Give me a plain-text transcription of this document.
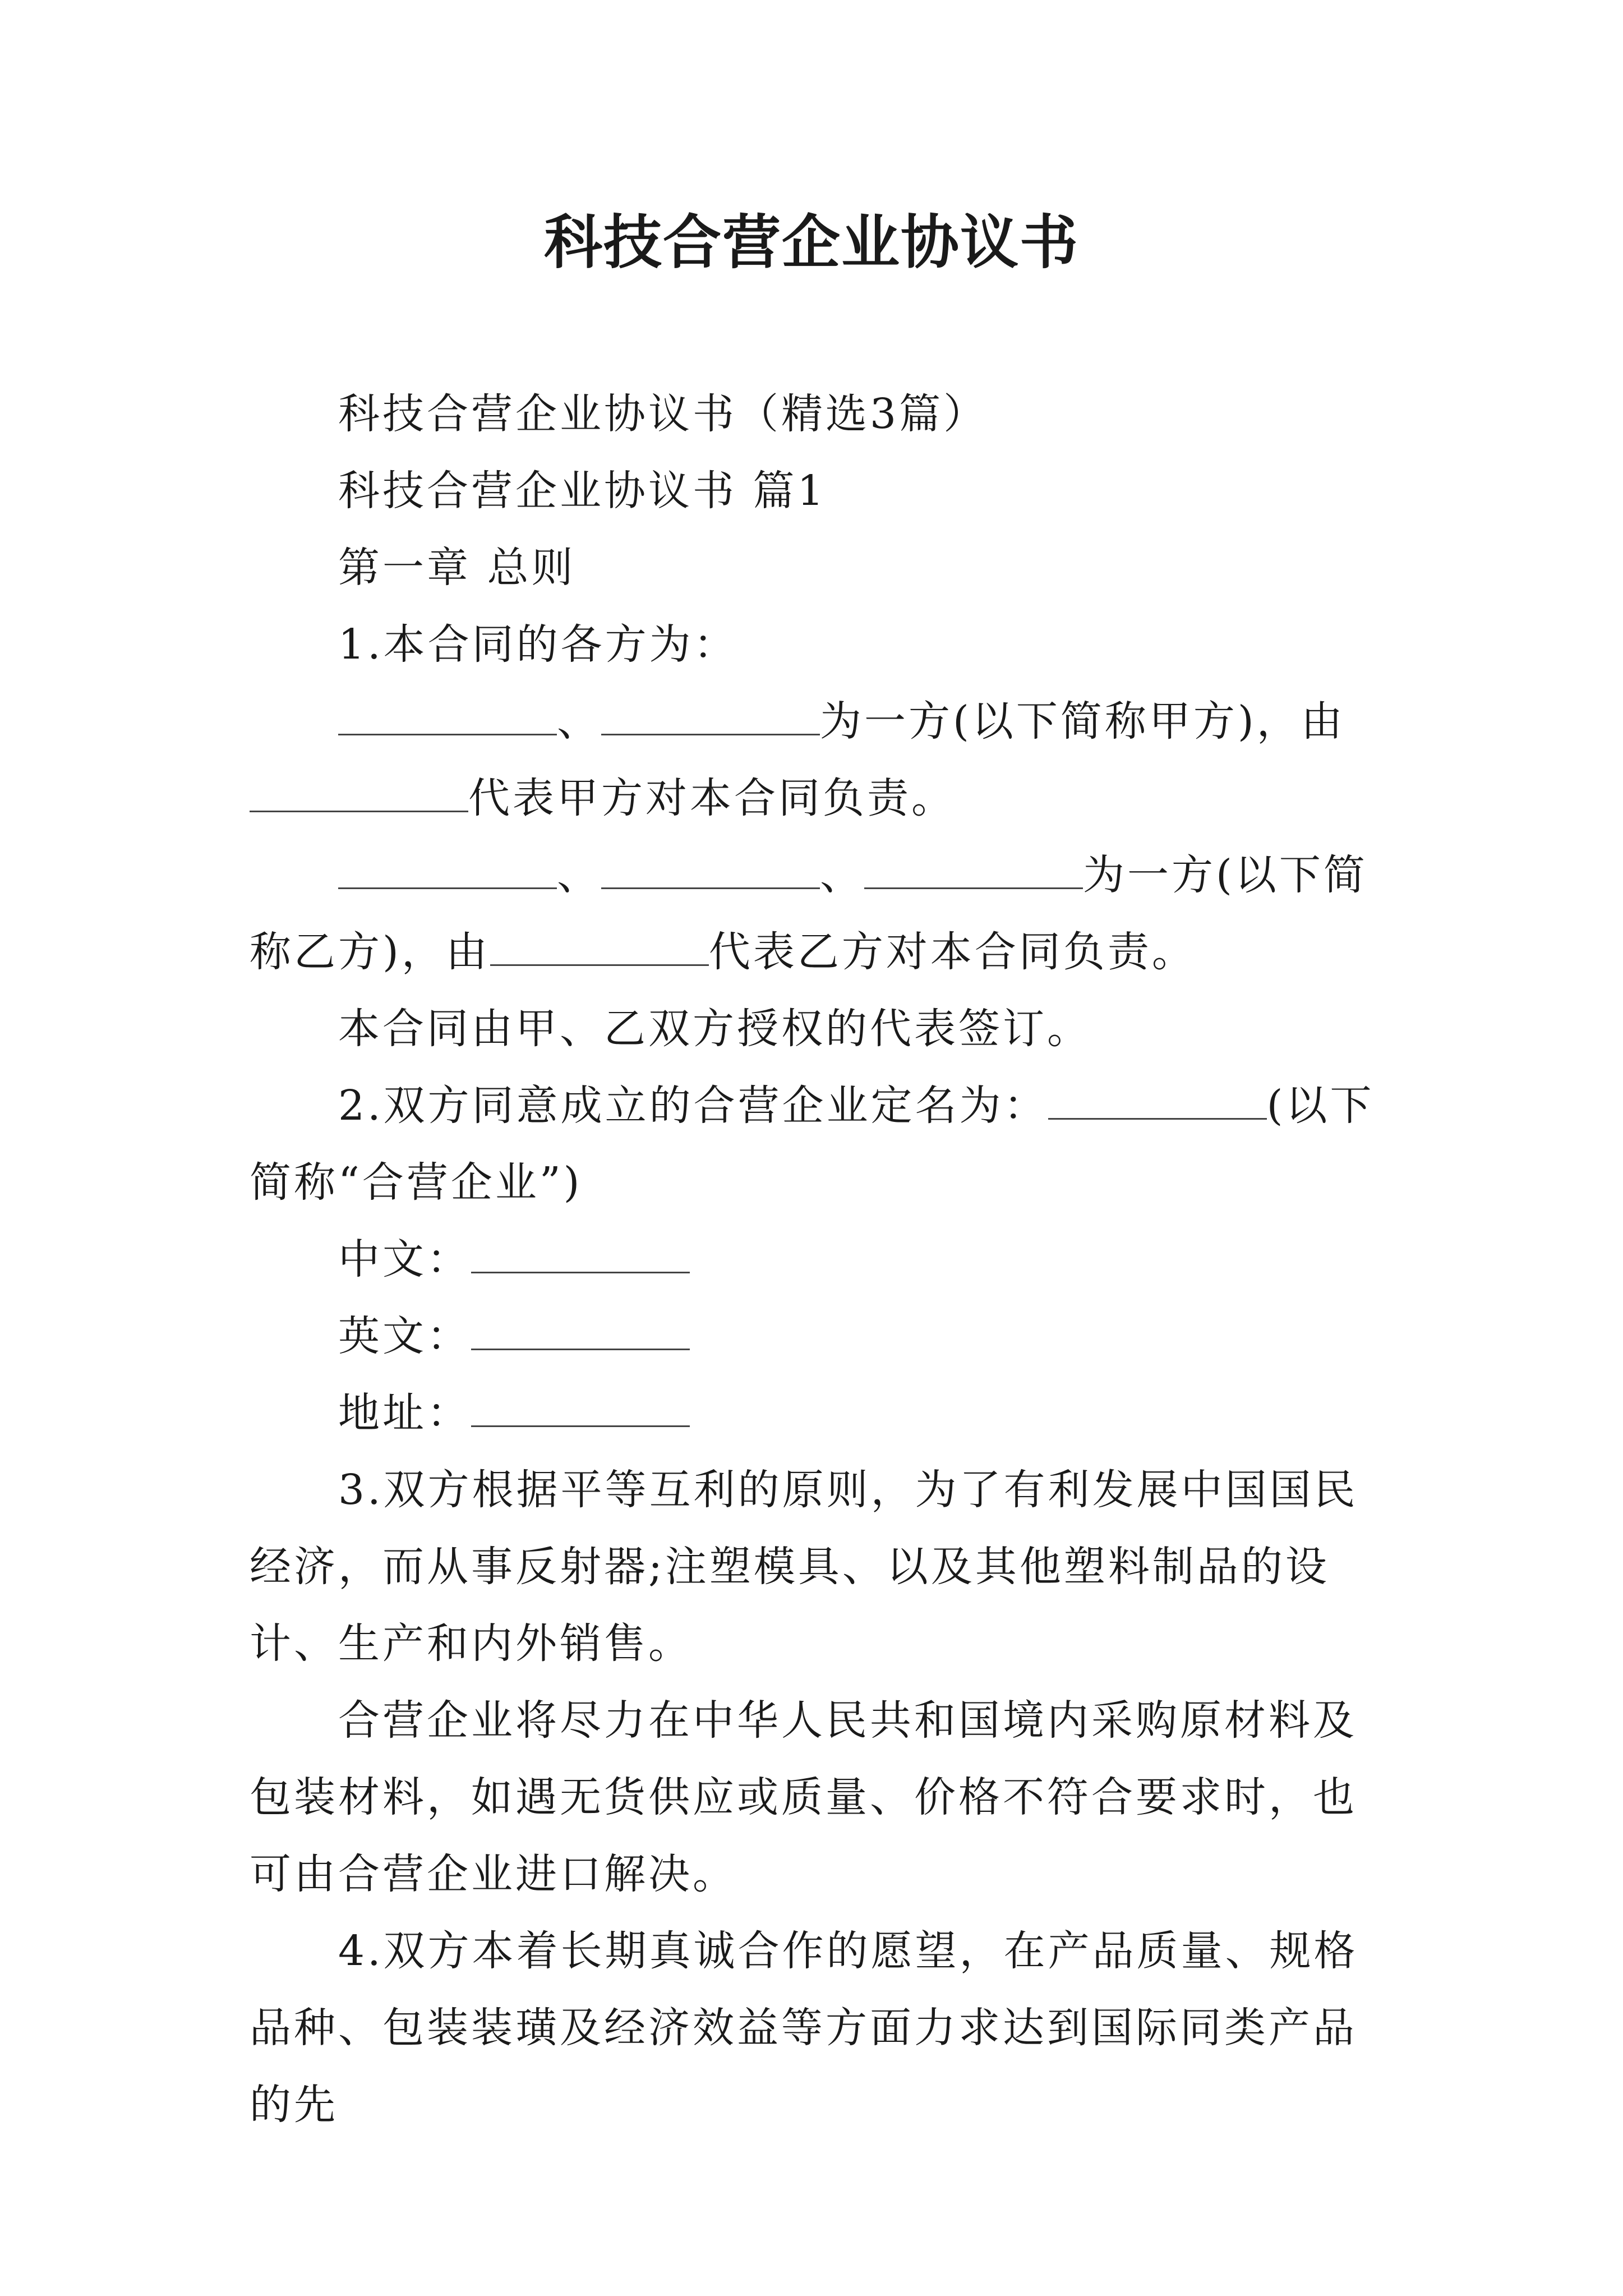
科技合营企业协议书

科技合营企业协议书（精选3篇）

科技合营企业协议书 篇1

第一章 总则

1.本合同的各方为：

、	为一方(以下简称甲方)，由代表甲方对本合同负责。

、	、	为一方(以下简称乙方)，由	代表乙方对本合同负责。

本合同由甲、乙双方授权的代表签订。

2.双方同意成立的合营企业定名为：	(以下简称“合营企业”)

中文：

英文：

地址：

3.双方根据平等互利的原则，为了有利发展中国国民经济，而从事反射器;注塑模具、以及其他塑料制品的设计、生产和内外销售。

合营企业将尽力在中华人民共和国境内采购原材料及包装材料，如遇无货供应或质量、价格不符合要求时，也可由合营企业进口解决。

4.双方本着长期真诚合作的愿望，在产品质量、规格品种、包装装璜及经济效益等方面力求达到国际同类产品的先
